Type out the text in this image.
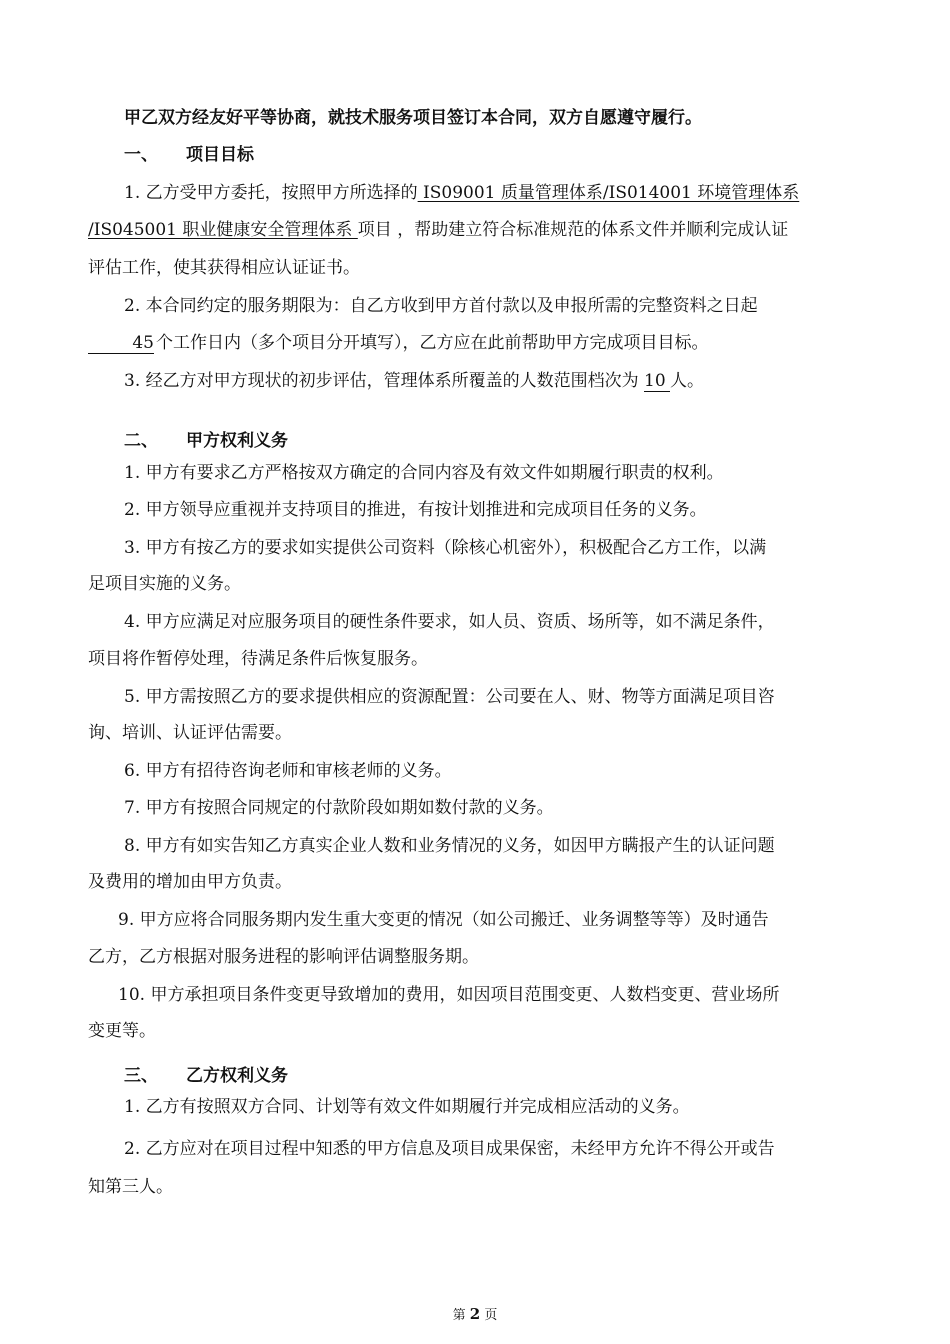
甲乙双方经友好平等协商，就技术服务项目签订本合同，双方自愿遵守履行。
一、 项目目标
1. 乙方受甲方委托，按照甲方所选择的 IS09001 质量管理体系/IS014001 环境管理体系
/IS045001 职业健康安全管理体系 项目 ，帮助建立符合标准规范的体系文件并顺利完成认证
评估工作，使其获得相应认证证书。
2. 本合同约定的服务期限为：自乙方收到甲方首付款以及申报所需的完整资料之日起
45 个工作日内（多个项目分开填写），乙方应在此前帮助甲方完成项目目标。
3. 经乙方对甲方现状的初步评估，管理体系所覆盖的人数范围档次为 10 人。
二、 甲方权利义务
1. 甲方有要求乙方严格按双方确定的合同内容及有效文件如期履行职责的权利。
2. 甲方领导应重视并支持项目的推进，有按计划推进和完成项目任务的义务。
3. 甲方有按乙方的要求如实提供公司资料（除核心机密外），积极配合乙方工作，以满
足项目实施的义务。
4. 甲方应满足对应服务项目的硬性条件要求，如人员、资质、场所等，如不满足条件，
项目将作暂停处理，待满足条件后恢复服务。
5. 甲方需按照乙方的要求提供相应的资源配置：公司要在人、财、物等方面满足项目咨
询、培训、认证评估需要。
6. 甲方有招待咨询老师和审核老师的义务。
7. 甲方有按照合同规定的付款阶段如期如数付款的义务。
8. 甲方有如实告知乙方真实企业人数和业务情况的义务，如因甲方瞒报产生的认证问题
及费用的增加由甲方负责。
9. 甲方应将合同服务期内发生重大变更的情况（如公司搬迁、业务调整等等）及时通告
乙方，乙方根据对服务进程的影响评估调整服务期。
10. 甲方承担项目条件变更导致增加的费用，如因项目范围变更、人数档变更、营业场所
变更等。
三、 乙方权利义务
1. 乙方有按照双方合同、计划等有效文件如期履行并完成相应活动的义务。
2. 乙方应对在项目过程中知悉的甲方信息及项目成果保密，未经甲方允许不得公开或告
知第三人。
第 2 页
